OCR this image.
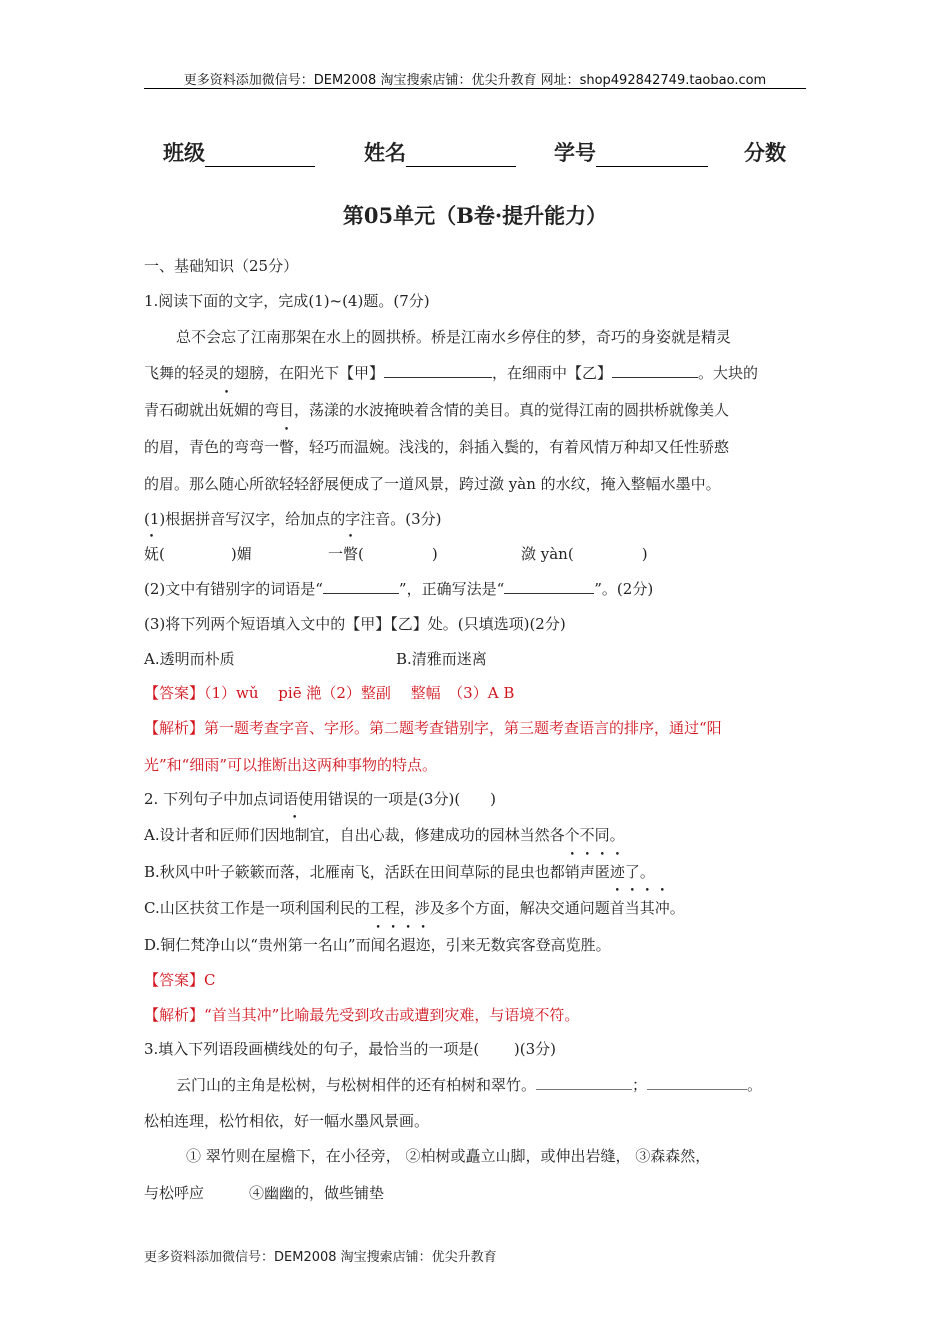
更多资料添加微信号：DEM2008 淘宝搜索店铺：优尖升教育 网址：shop492842749.taobao.com
班级	姓名	学号	分数
第05单元（B卷·提升能力）
一、基础知识（25分）
1.阅读下面的文字，完成(1)~(4)题。(7分)
总不会忘了江南那架在水上的圆拱桥。桥是江南水乡停住的梦，奇巧的身姿就是精灵
飞舞的轻灵的翅膀，在阳光下【甲】	，在细雨中【乙】	。大块的
青石砌就出妩媚的弯目，荡漾的水波掩映着含情的美目。真的觉得江南的圆拱桥就像美人
的眉，青色的弯弯一瞥，轻巧而温婉。浅浅的，斜插入鬓的，有着风情万种却又任性骄憨
的眉。那么随心所欲轻轻舒展便成了一道风景，跨过潋 yàn 的水纹，掩入整幅水墨中。
(1)根据拼音写汉字，给加点的字注音。(3分)
妩(	)媚	一瞥(	)	潋 yàn(	)
(2)文中有错别字的词语是“	”，正确写法是“	”。(2分)
(3)将下列两个短语填入文中的【甲】【乙】处。(只填选项)(2分)
A.透明而朴质	B.清雅而迷离
【答案】（1）wǔ　 piē 滟（2）整副　 整幅　（3）A B
【解析】第一题考查字音、字形。第二题考查错别字，第三题考查语言的排序，通过“阳
光”和“细雨”可以推断出这两种事物的特点。
2. 下列句子中加点词语使用错误的一项是(3分)(　　)
A.设计者和匠师们因地制宜，自出心裁，修建成功的园林当然各个不同。
B.秋风中叶子簌簌而落，北雁南飞，活跃在田间草际的昆虫也都销声匿迹了。
C.山区扶贫工作是一项利国利民的工程，涉及多个方面，解决交通问题首当其冲。
D.铜仁梵净山以“贵州第一名山”而闻名遐迩，引来无数宾客登高览胜。
【答案】C
【解析】“首当其冲”比喻最先受到攻击或遭到灾难，与语境不符。
3.填入下列语段画横线处的句子，最恰当的一项是(　　 )(3分)
云门山的主角是松树，与松树相伴的还有柏树和翠竹。	；	。
松柏连理，松竹相依，好一幅水墨风景画。
① 翠竹则在屋檐下，在小径旁， ②柏树或矗立山脚，或伸出岩缝， ③森森然，
与松呼应　　　④幽幽的，做些铺垫
更多资料添加微信号：DEM2008 淘宝搜索店铺：优尖升教育
